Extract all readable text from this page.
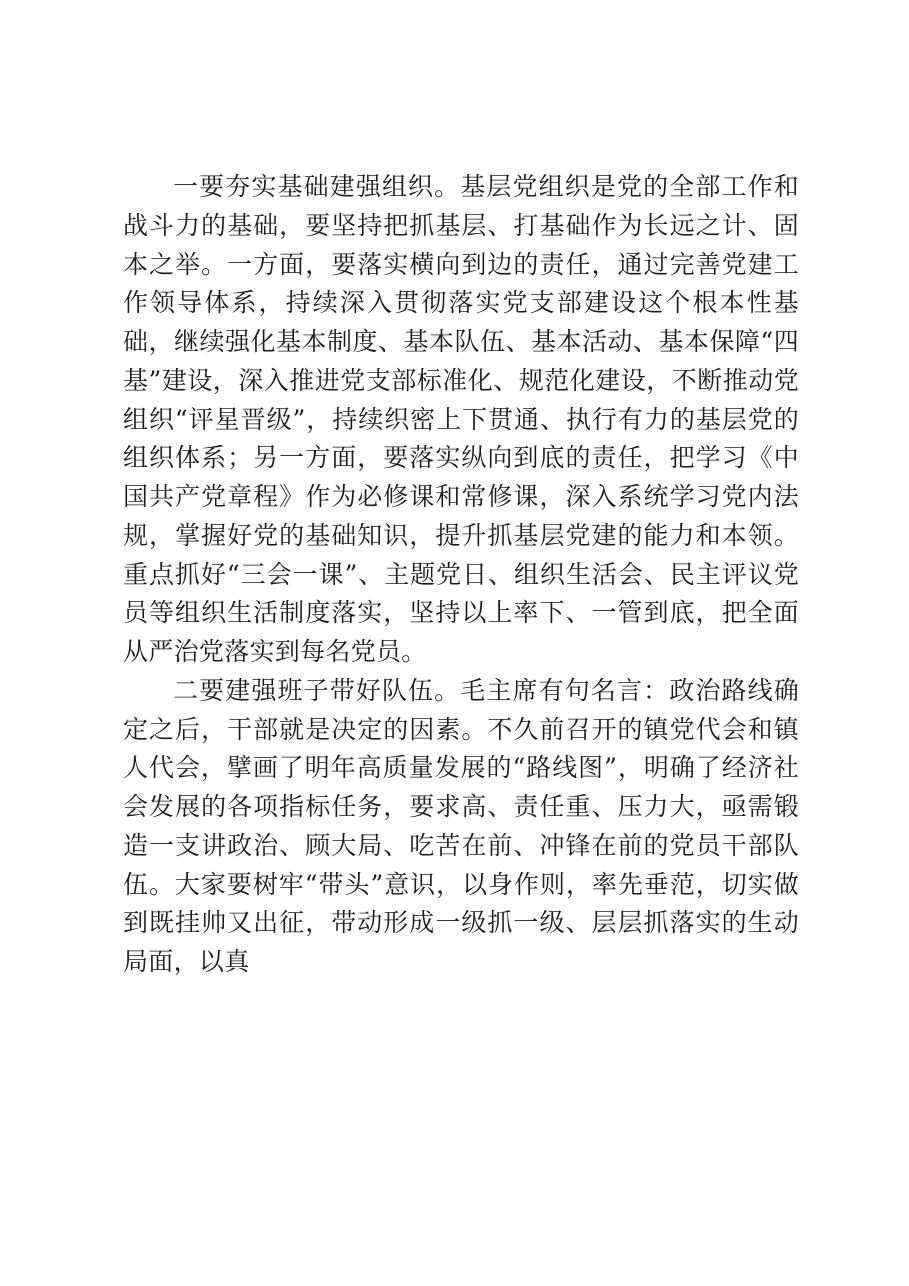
一要夯实基础建强组织。基层党组织是党的全部工作和战斗力的基础，要坚持把抓基层、打基础作为长远之计、固本之举。一方面，要落实横向到边的责任，通过完善党建工作领导体系，持续深入贯彻落实党支部建设这个根本性基础，继续强化基本制度、基本队伍、基本活动、基本保障“四基”建设，深入推进党支部标准化、规范化建设，不断推动党组织“评星晋级”，持续织密上下贯通、执行有力的基层党的组织体系；另一方面，要落实纵向到底的责任，把学习《中国共产党章程》作为必修课和常修课，深入系统学习党内法规，掌握好党的基础知识，提升抓基层党建的能力和本领。重点抓好“三会一课”、主题党日、组织生活会、民主评议党员等组织生活制度落实，坚持以上率下、一管到底，把全面从严治党落实到每名党员。

二要建强班子带好队伍。毛主席有句名言：政治路线确定之后，干部就是决定的因素。不久前召开的镇党代会和镇人代会，擘画了明年高质量发展的“路线图”，明确了经济社会发展的各项指标任务，要求高、责任重、压力大，亟需锻造一支讲政治、顾大局、吃苦在前、冲锋在前的党员干部队伍。大家要树牢“带头”意识，以身作则，率先垂范，切实做到既挂帅又出征，带动形成一级抓一级、层层抓落实的生动局面，以真
